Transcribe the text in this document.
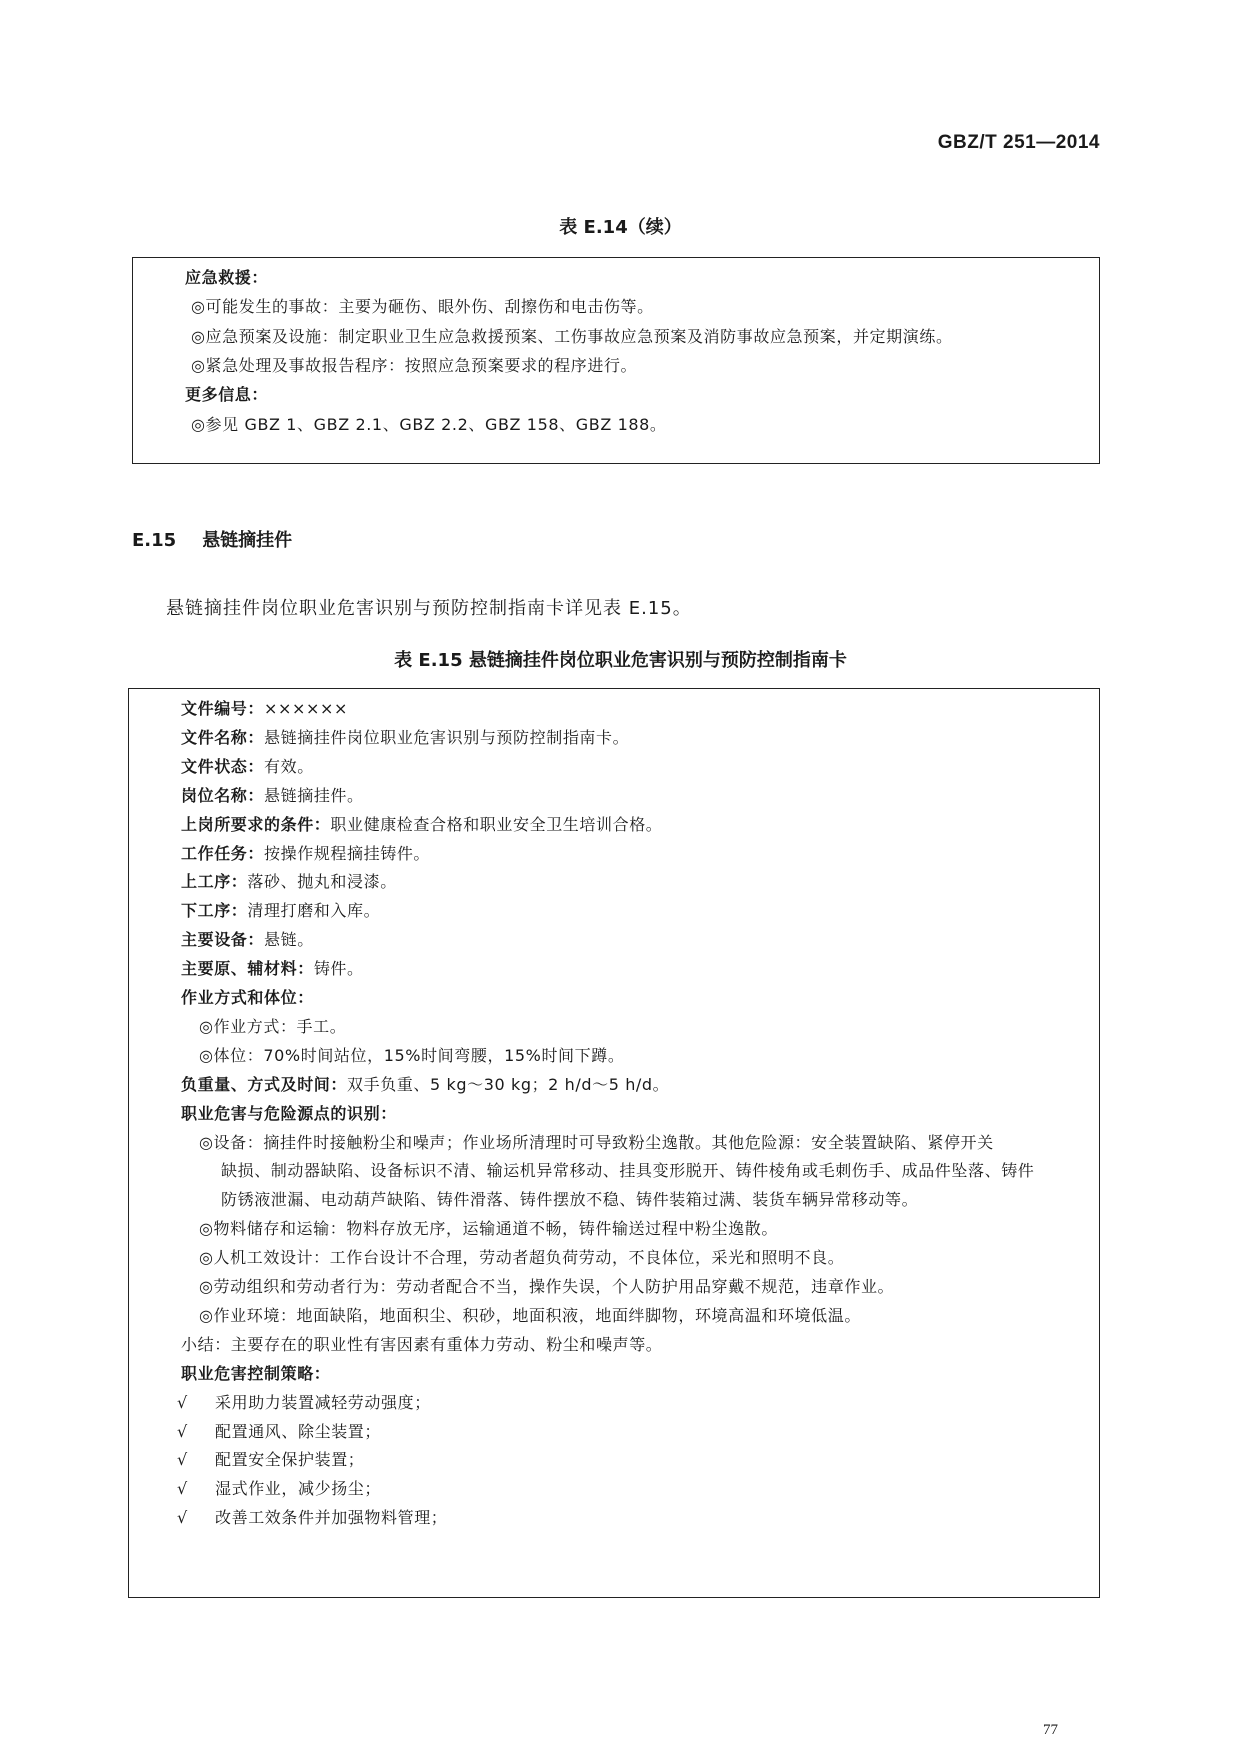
GBZ/T 251—2014
表 E.14（续）
应急救援：
◎可能发生的事故：主要为砸伤、眼外伤、刮擦伤和电击伤等。
◎应急预案及设施：制定职业卫生应急救援预案、工伤事故应急预案及消防事故应急预案，并定期演练。
◎紧急处理及事故报告程序：按照应急预案要求的程序进行。
更多信息：
◎参见 GBZ 1、GBZ 2.1、GBZ 2.2、GBZ 158、GBZ 188。
E.15 悬链摘挂件
悬链摘挂件岗位职业危害识别与预防控制指南卡详见表 E.15。
表 E.15 悬链摘挂件岗位职业危害识别与预防控制指南卡
文件编号：××××××
文件名称：悬链摘挂件岗位职业危害识别与预防控制指南卡。
文件状态：有效。
岗位名称：悬链摘挂件。
上岗所要求的条件：职业健康检查合格和职业安全卫生培训合格。
工作任务：按操作规程摘挂铸件。
上工序：落砂、抛丸和浸漆。
下工序：清理打磨和入库。
主要设备：悬链。
主要原、辅材料：铸件。
作业方式和体位：
◎作业方式：手工。
◎体位：70%时间站位，15%时间弯腰，15%时间下蹲。
负重量、方式及时间：双手负重、5 kg～30 kg；2 h/d～5 h/d。
职业危害与危险源点的识别：
◎设备：摘挂件时接触粉尘和噪声；作业场所清理时可导致粉尘逸散。其他危险源：安全装置缺陷、紧停开关
缺损、制动器缺陷、设备标识不清、输运机异常移动、挂具变形脱开、铸件棱角或毛刺伤手、成品件坠落、铸件
防锈液泄漏、电动葫芦缺陷、铸件滑落、铸件摆放不稳、铸件装箱过满、装货车辆异常移动等。
◎物料储存和运输：物料存放无序，运输通道不畅，铸件输送过程中粉尘逸散。
◎人机工效设计：工作台设计不合理，劳动者超负荷劳动，不良体位，采光和照明不良。
◎劳动组织和劳动者行为：劳动者配合不当，操作失误，个人防护用品穿戴不规范，违章作业。
◎作业环境：地面缺陷，地面积尘、积砂，地面积液，地面绊脚物，环境高温和环境低温。
小结：主要存在的职业性有害因素有重体力劳动、粉尘和噪声等。
职业危害控制策略：
√ 采用助力装置减轻劳动强度；
√ 配置通风、除尘装置；
√ 配置安全保护装置；
√ 湿式作业，减少扬尘；
√ 改善工效条件并加强物料管理；
77
